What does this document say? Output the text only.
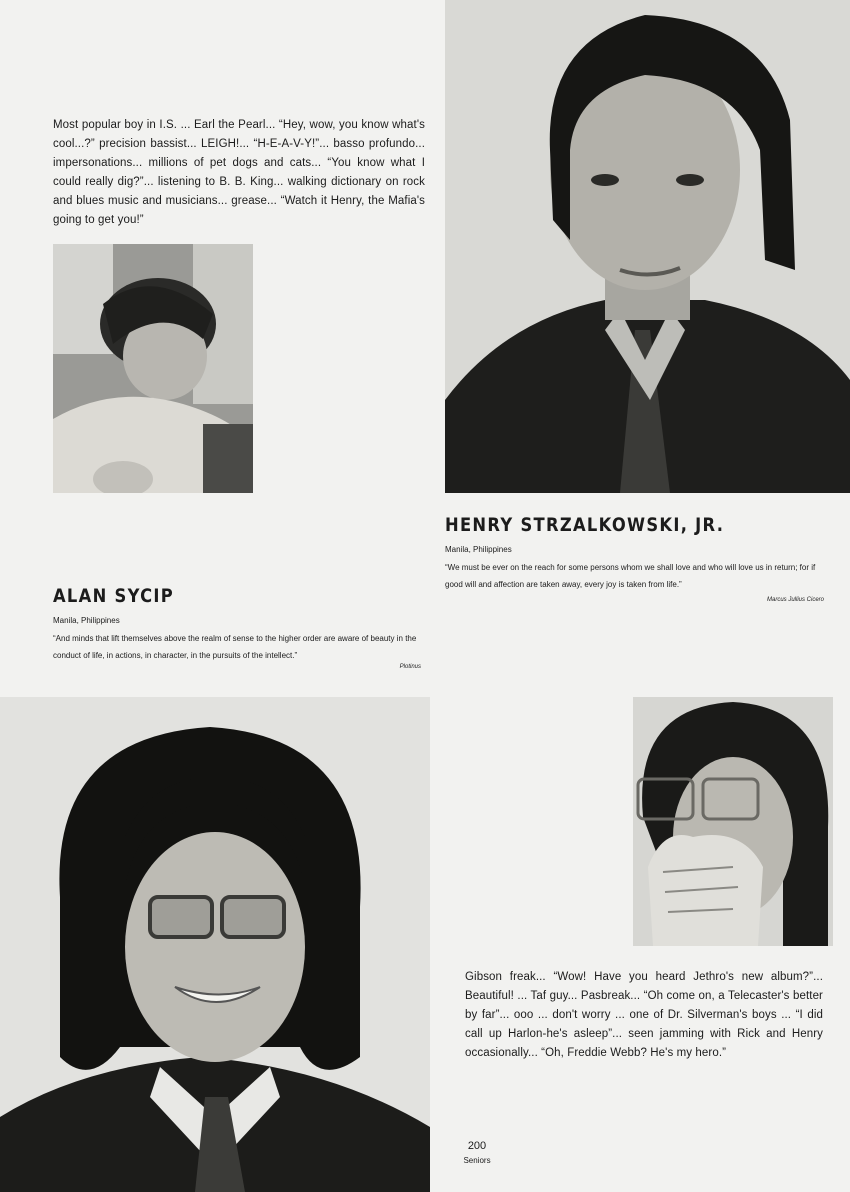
Most popular boy in I.S. ... Earl the Pearl... “Hey, wow, you know what's cool...?” precision bassist... LEIGH!... “H-E-A-V-Y!”... basso profundo... impersonations... millions of pet dogs and cats... “You know what I could really dig?”... listening to B. B. King... walking dictionary on rock and blues music and musicians... grease... “Watch it Henry, the Mafia's going to get you!”
HENRY STRZALKOWSKI, JR.
Manila, Philippines
“We must be ever on the reach for some persons whom we shall love and who will love us in return; for if good will and affection are taken away, every joy is taken from life.”
Marcus Jullius Cicero
ALAN SYCIP
Manila, Philippines
“And minds that lift themselves above the realm of sense to the higher order are aware of beauty in the conduct of life, in actions, in character, in the pursuits of the intellect.”
Plotinus
Gibson freak... “Wow! Have you heard Jethro's new album?”... Beautiful! ... Taf guy... Pasbreak... “Oh come on, a Telecaster's better by far”... ooo ... don't worry ... one of Dr. Silverman's boys ... “I did call up Harlon-he's asleep”... seen jamming with Rick and Henry occasionally... “Oh, Freddie Webb? He's my hero.”
200
Seniors
